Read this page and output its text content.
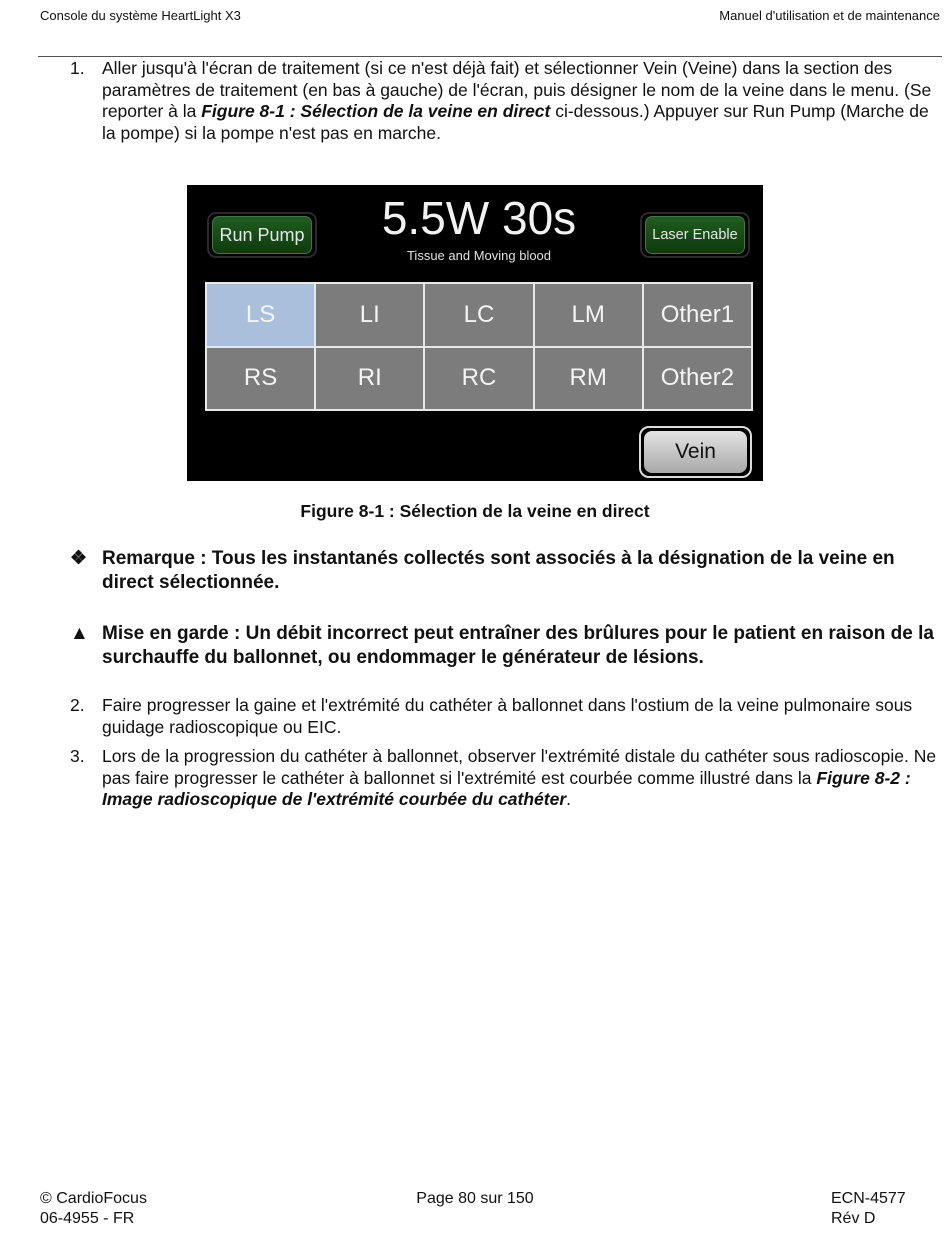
Console du système HeartLight X3	Manuel d'utilisation et de maintenance
1. Aller jusqu'à l'écran de traitement (si ce n'est déjà fait) et sélectionner Vein (Veine) dans la section des paramètres de traitement (en bas à gauche) de l'écran, puis désigner le nom de la veine dans le menu. (Se reporter à la Figure 8-1 : Sélection de la veine en direct ci-dessous.) Appuyer sur Run Pump (Marche de la pompe) si la pompe n'est pas en marche.
Run Pump	5.5W 30s
Tissue and Moving blood
Laser Enable
LS	LI	LC	LM	Other1
RS	RI	RC	RM	Other2
Vein
Figure 8-1 : Sélection de la veine en direct
❖ Remarque : Tous les instantanés collectés sont associés à la désignation de la veine en direct sélectionnée.
▲ Mise en garde : Un débit incorrect peut entraîner des brûlures pour le patient en raison de la surchauffe du ballonnet, ou endommager le générateur de lésions.
2. Faire progresser la gaine et l'extrémité du cathéter à ballonnet dans l'ostium de la veine pulmonaire sous guidage radioscopique ou EIC.
3. Lors de la progression du cathéter à ballonnet, observer l'extrémité distale du cathéter sous radioscopie. Ne pas faire progresser le cathéter à ballonnet si l'extrémité est courbée comme illustré dans la Figure 8-2 : Image radioscopique de l'extrémité courbée du cathéter.
© CardioFocus
06-4955 - FR
Page 80 sur 150	ECN-4577
Rév D
